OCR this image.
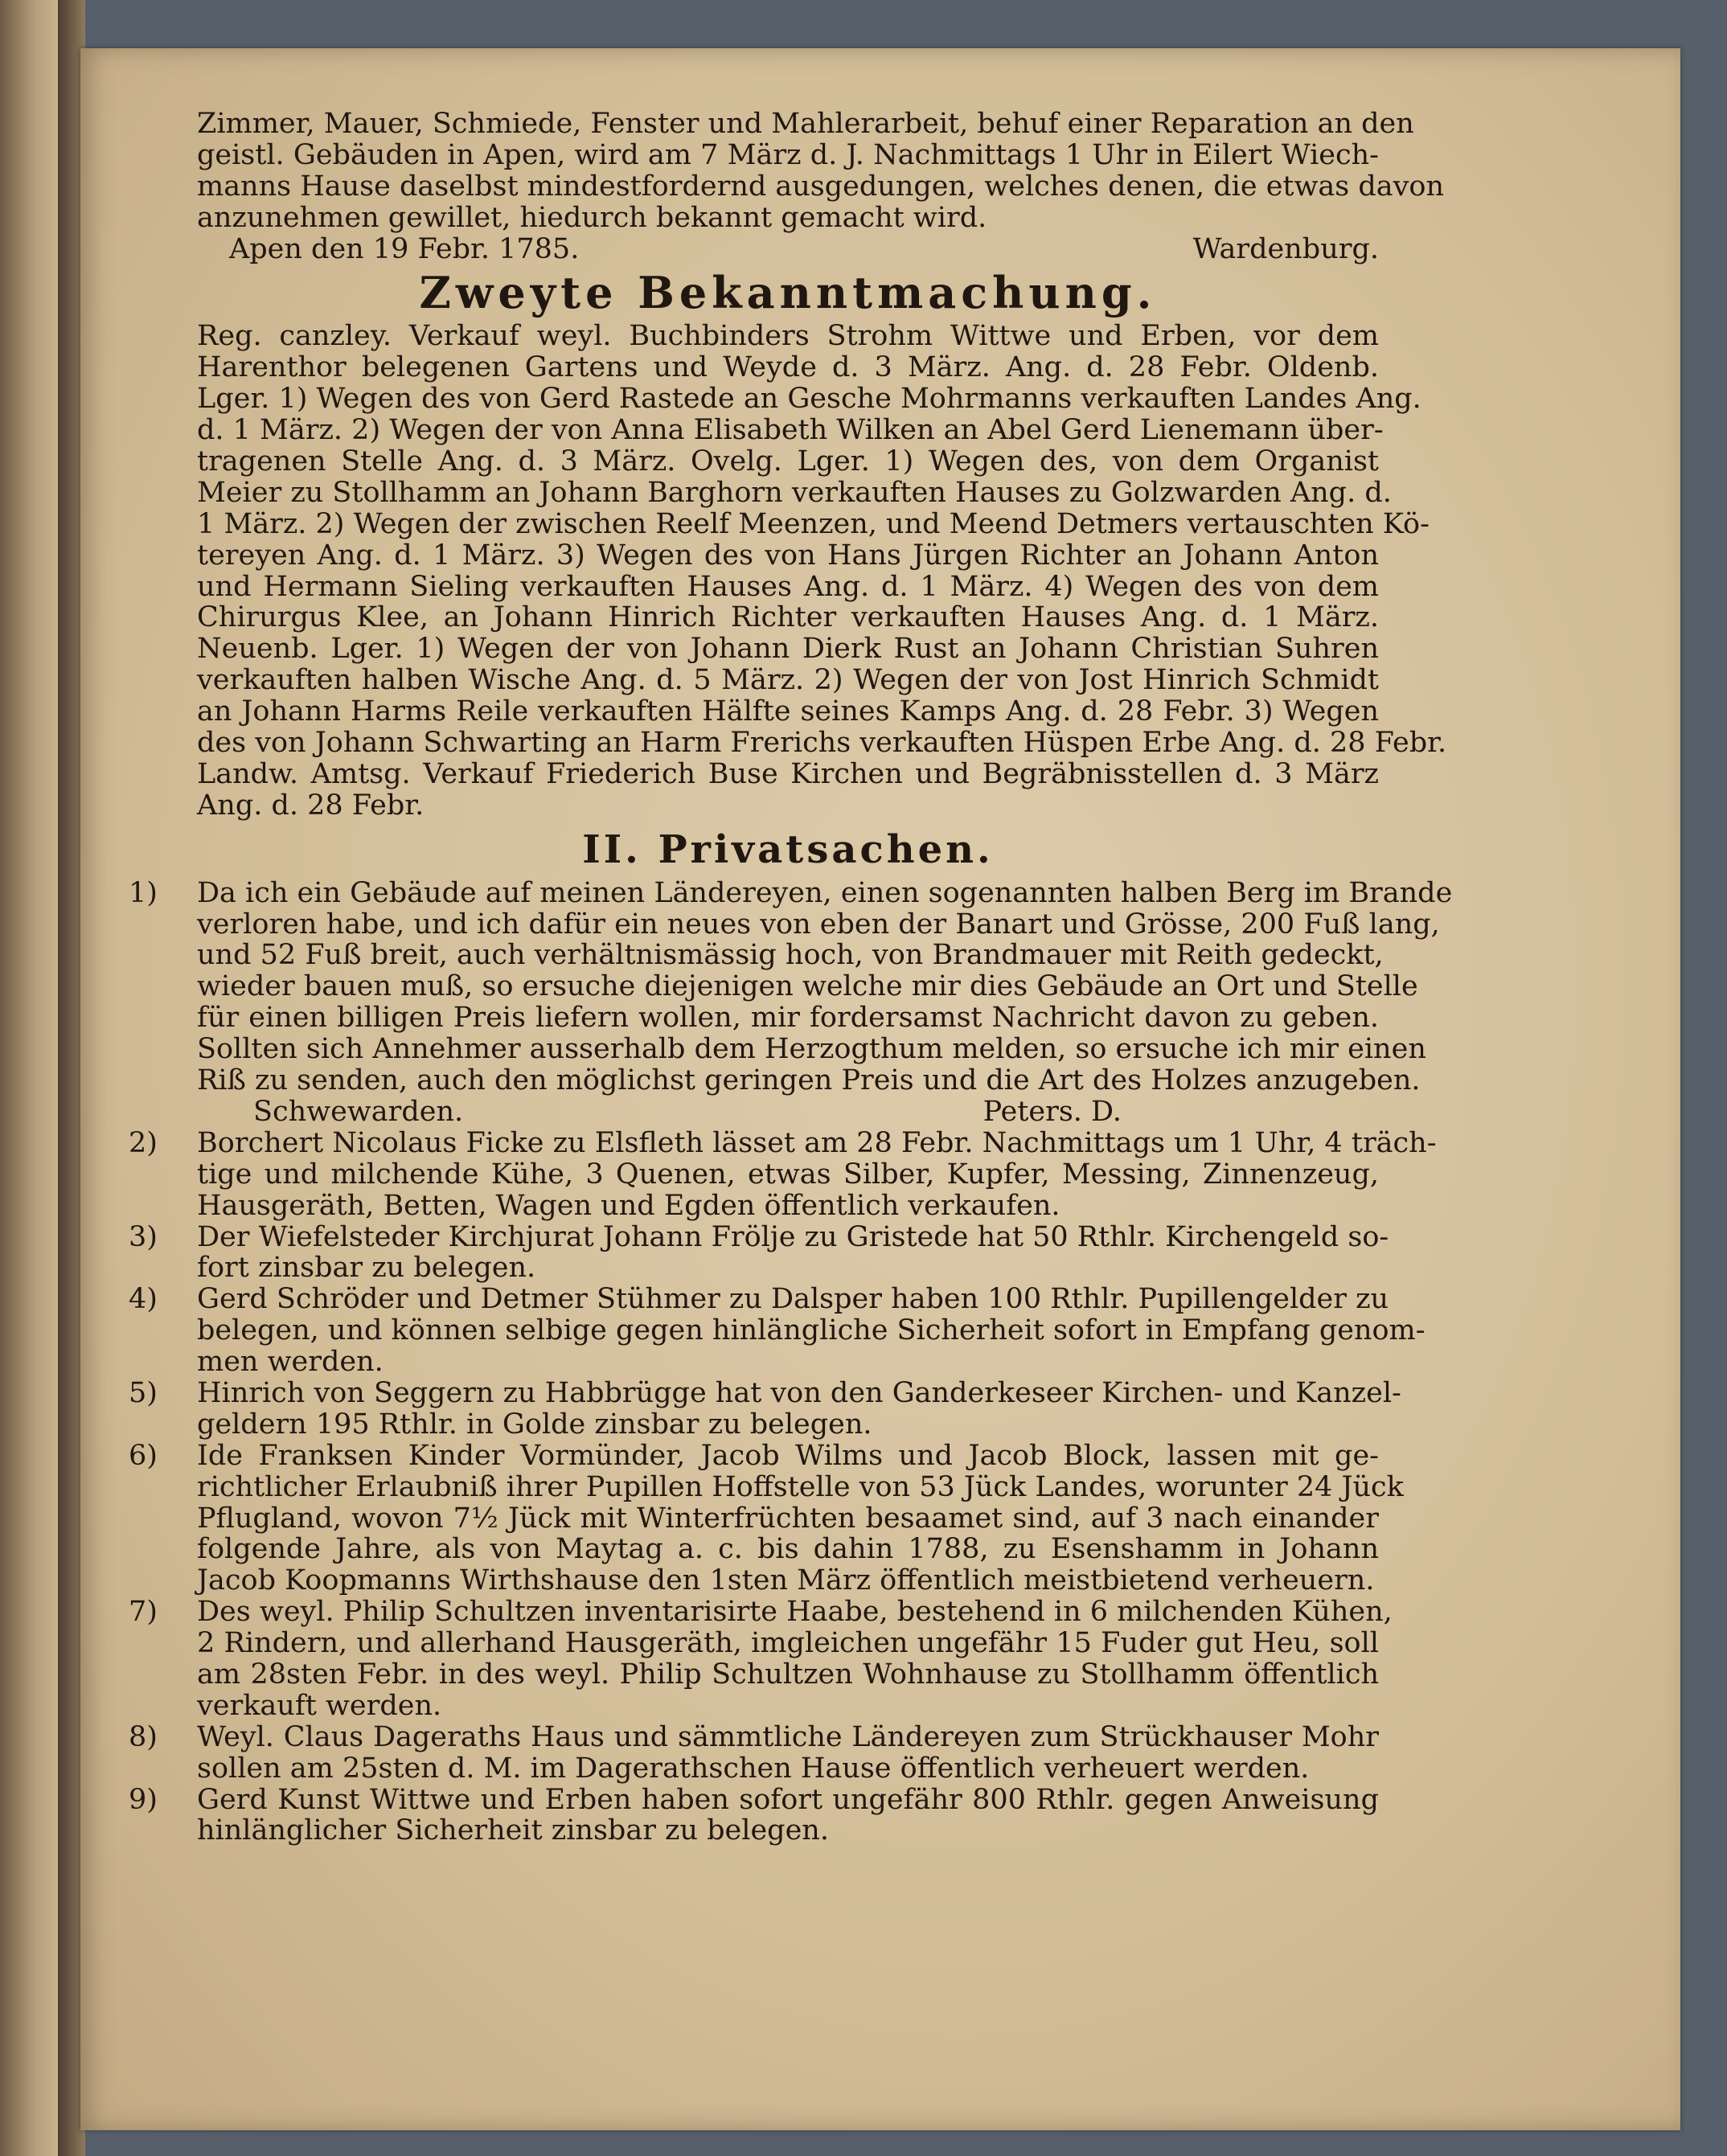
Zimmer, Mauer, Schmiede, Fenster und Mahlerarbeit, behuf einer Reparation an den
geistl. Gebäuden in Apen, wird am 7 März d. J. Nachmittags 1 Uhr in Eilert Wiech-
manns Hause daselbst mindestfordernd ausgedungen, welches denen, die etwas davon
anzunehmen gewillet, hiedurch bekannt gemacht wird.
Apen den 19 Febr. 1785.	Wardenburg.
Zweyte Bekanntmachung.
Reg. canzley. Verkauf weyl. Buchbinders Strohm Wittwe und Erben, vor dem
Harenthor belegenen Gartens und Weyde d. 3 März. Ang. d. 28 Febr. Oldenb.
Lger. 1) Wegen des von Gerd Rastede an Gesche Mohrmanns verkauften Landes Ang.
d. 1 März. 2) Wegen der von Anna Elisabeth Wilken an Abel Gerd Lienemann über-
tragenen Stelle Ang. d. 3 März. Ovelg. Lger. 1) Wegen des, von dem Organist
Meier zu Stollhamm an Johann Barghorn verkauften Hauses zu Golzwarden Ang. d.
1 März. 2) Wegen der zwischen Reelf Meenzen, und Meend Detmers vertauschten Kö-
tereyen Ang. d. 1 März. 3) Wegen des von Hans Jürgen Richter an Johann Anton
und Hermann Sieling verkauften Hauses Ang. d. 1 März. 4) Wegen des von dem
Chirurgus Klee, an Johann Hinrich Richter verkauften Hauses Ang. d. 1 März.
Neuenb. Lger. 1) Wegen der von Johann Dierk Rust an Johann Christian Suhren
verkauften halben Wische Ang. d. 5 März. 2) Wegen der von Jost Hinrich Schmidt
an Johann Harms Reile verkauften Hälfte seines Kamps Ang. d. 28 Febr. 3) Wegen
des von Johann Schwarting an Harm Frerichs verkauften Hüspen Erbe Ang. d. 28 Febr.
Landw. Amtsg. Verkauf Friederich Buse Kirchen und Begräbnisstellen d. 3 März
Ang. d. 28 Febr.
II. Privatsachen.
1) Da ich ein Gebäude auf meinen Ländereyen, einen sogenannten halben Berg im Brande
verloren habe, und ich dafür ein neues von eben der Banart und Grösse, 200 Fuß lang,
und 52 Fuß breit, auch verhältnismässig hoch, von Brandmauer mit Reith gedeckt,
wieder bauen muß, so ersuche diejenigen welche mir dies Gebäude an Ort und Stelle
für einen billigen Preis liefern wollen, mir fordersamst Nachricht davon zu geben.
Sollten sich Annehmer ausserhalb dem Herzogthum melden, so ersuche ich mir einen
Riß zu senden, auch den möglichst geringen Preis und die Art des Holzes anzugeben.
Schwewarden.	Peters. D.
2) Borchert Nicolaus Ficke zu Elsfleth lässet am 28 Febr. Nachmittags um 1 Uhr, 4 träch-
tige und milchende Kühe, 3 Quenen, etwas Silber, Kupfer, Messing, Zinnenzeug,
Hausgeräth, Betten, Wagen und Egden öffentlich verkaufen.
3) Der Wiefelsteder Kirchjurat Johann Frölje zu Gristede hat 50 Rthlr. Kirchengeld so-
fort zinsbar zu belegen.
4) Gerd Schröder und Detmer Stühmer zu Dalsper haben 100 Rthlr. Pupillengelder zu
belegen, und können selbige gegen hinlängliche Sicherheit sofort in Empfang genom-
men werden.
5) Hinrich von Seggern zu Habbrügge hat von den Ganderkeseer Kirchen- und Kanzel-
geldern 195 Rthlr. in Golde zinsbar zu belegen.
6) Ide Franksen Kinder Vormünder, Jacob Wilms und Jacob Block, lassen mit ge-
richtlicher Erlaubniß ihrer Pupillen Hoffstelle von 53 Jück Landes, worunter 24 Jück
Pflugland, wovon 7½ Jück mit Winterfrüchten besaamet sind, auf 3 nach einander
folgende Jahre, als von Maytag a. c. bis dahin 1788, zu Esenshamm in Johann
Jacob Koopmanns Wirthshause den 1sten März öffentlich meistbietend verheuern.
7) Des weyl. Philip Schultzen inventarisirte Haabe, bestehend in 6 milchenden Kühen,
2 Rindern, und allerhand Hausgeräth, imgleichen ungefähr 15 Fuder gut Heu, soll
am 28sten Febr. in des weyl. Philip Schultzen Wohnhause zu Stollhamm öffentlich
verkauft werden.
8) Weyl. Claus Dageraths Haus und sämmtliche Ländereyen zum Strückhauser Mohr
sollen am 25sten d. M. im Dagerathschen Hause öffentlich verheuert werden.
9) Gerd Kunst Wittwe und Erben haben sofort ungefähr 800 Rthlr. gegen Anweisung
hinlänglicher Sicherheit zinsbar zu belegen.
